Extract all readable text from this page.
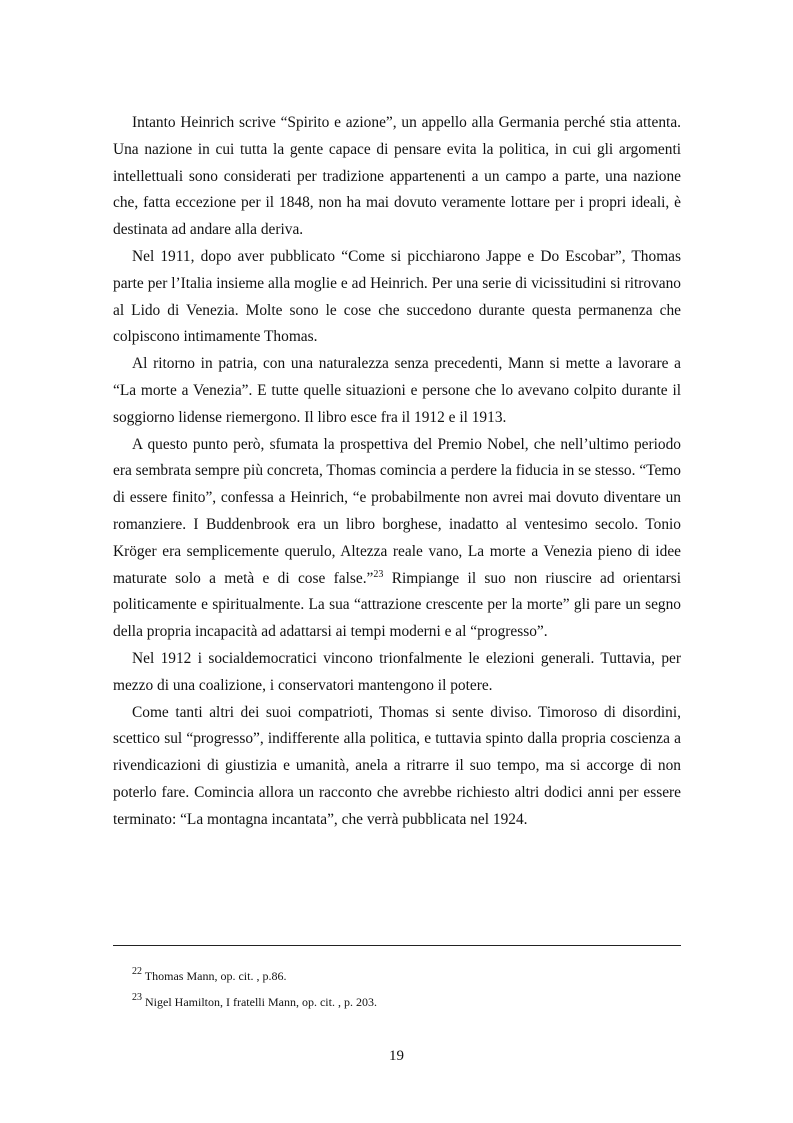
Intanto Heinrich scrive “Spirito e azione”, un appello alla Germania perché stia attenta. Una nazione in cui tutta la gente capace di pensare evita la politica, in cui gli argomenti intellettuali sono considerati per tradizione appartenenti a un campo a parte, una nazione che, fatta eccezione per il 1848, non ha mai dovuto veramente lottare per i propri ideali, è destinata ad andare alla deriva.

Nel 1911, dopo aver pubblicato “Come si picchiarono Jappe e Do Escobar”, Thomas parte per l’Italia insieme alla moglie e ad Heinrich. Per una serie di vicissitudini si ritrovano al Lido di Venezia. Molte sono le cose che succedono durante questa permanenza che colpiscono intimamente Thomas.

Al ritorno in patria, con una naturalezza senza precedenti, Mann si mette a lavorare a “La morte a Venezia”. E tutte quelle situazioni e persone che lo avevano colpito durante il soggiorno lidense riemergono. Il libro esce fra il 1912 e il 1913.

A questo punto però, sfumata la prospettiva del Premio Nobel, che nell’ultimo periodo era sembrata sempre più concreta, Thomas comincia a perdere la fiducia in se stesso. “Temo di essere finito”, confessa a Heinrich, “e probabilmente non avrei mai dovuto diventare un romanziere. I Buddenbrook era un libro borghese, inadatto al ventesimo secolo. Tonio Kröger era semplicemente querulo, Altezza reale vano, La morte a Venezia pieno di idee maturate solo a metà e di cose false.”$^{23}$ Rimpiange il suo non riuscire ad orientarsi politicamente e spiritualmente. La sua “attrazione crescente per la morte” gli pare un segno della propria incapacità ad adattarsi ai tempi moderni e al “progresso”.

Nel 1912 i socialdemocratici vincono trionfalmente le elezioni generali. Tuttavia, per mezzo di una coalizione, i conservatori mantengono il potere.

Come tanti altri dei suoi compatrioti, Thomas si sente diviso. Timoroso di disordini, scettico sul “progresso”, indifferente alla politica, e tuttavia spinto dalla propria coscienza a rivendicazioni di giustizia e umanità, anela a ritrarre il suo tempo, ma si accorge di non poterlo fare. Comincia allora un racconto che avrebbe richiesto altri dodici anni per essere terminato: “La montagna incantata”, che verrà pubblicata nel 1924.

$^{22}$ Thomas Mann, op. cit. , p.86.

$^{23}$ Nigel Hamilton, I fratelli Mann, op. cit. , p. 203.

19
